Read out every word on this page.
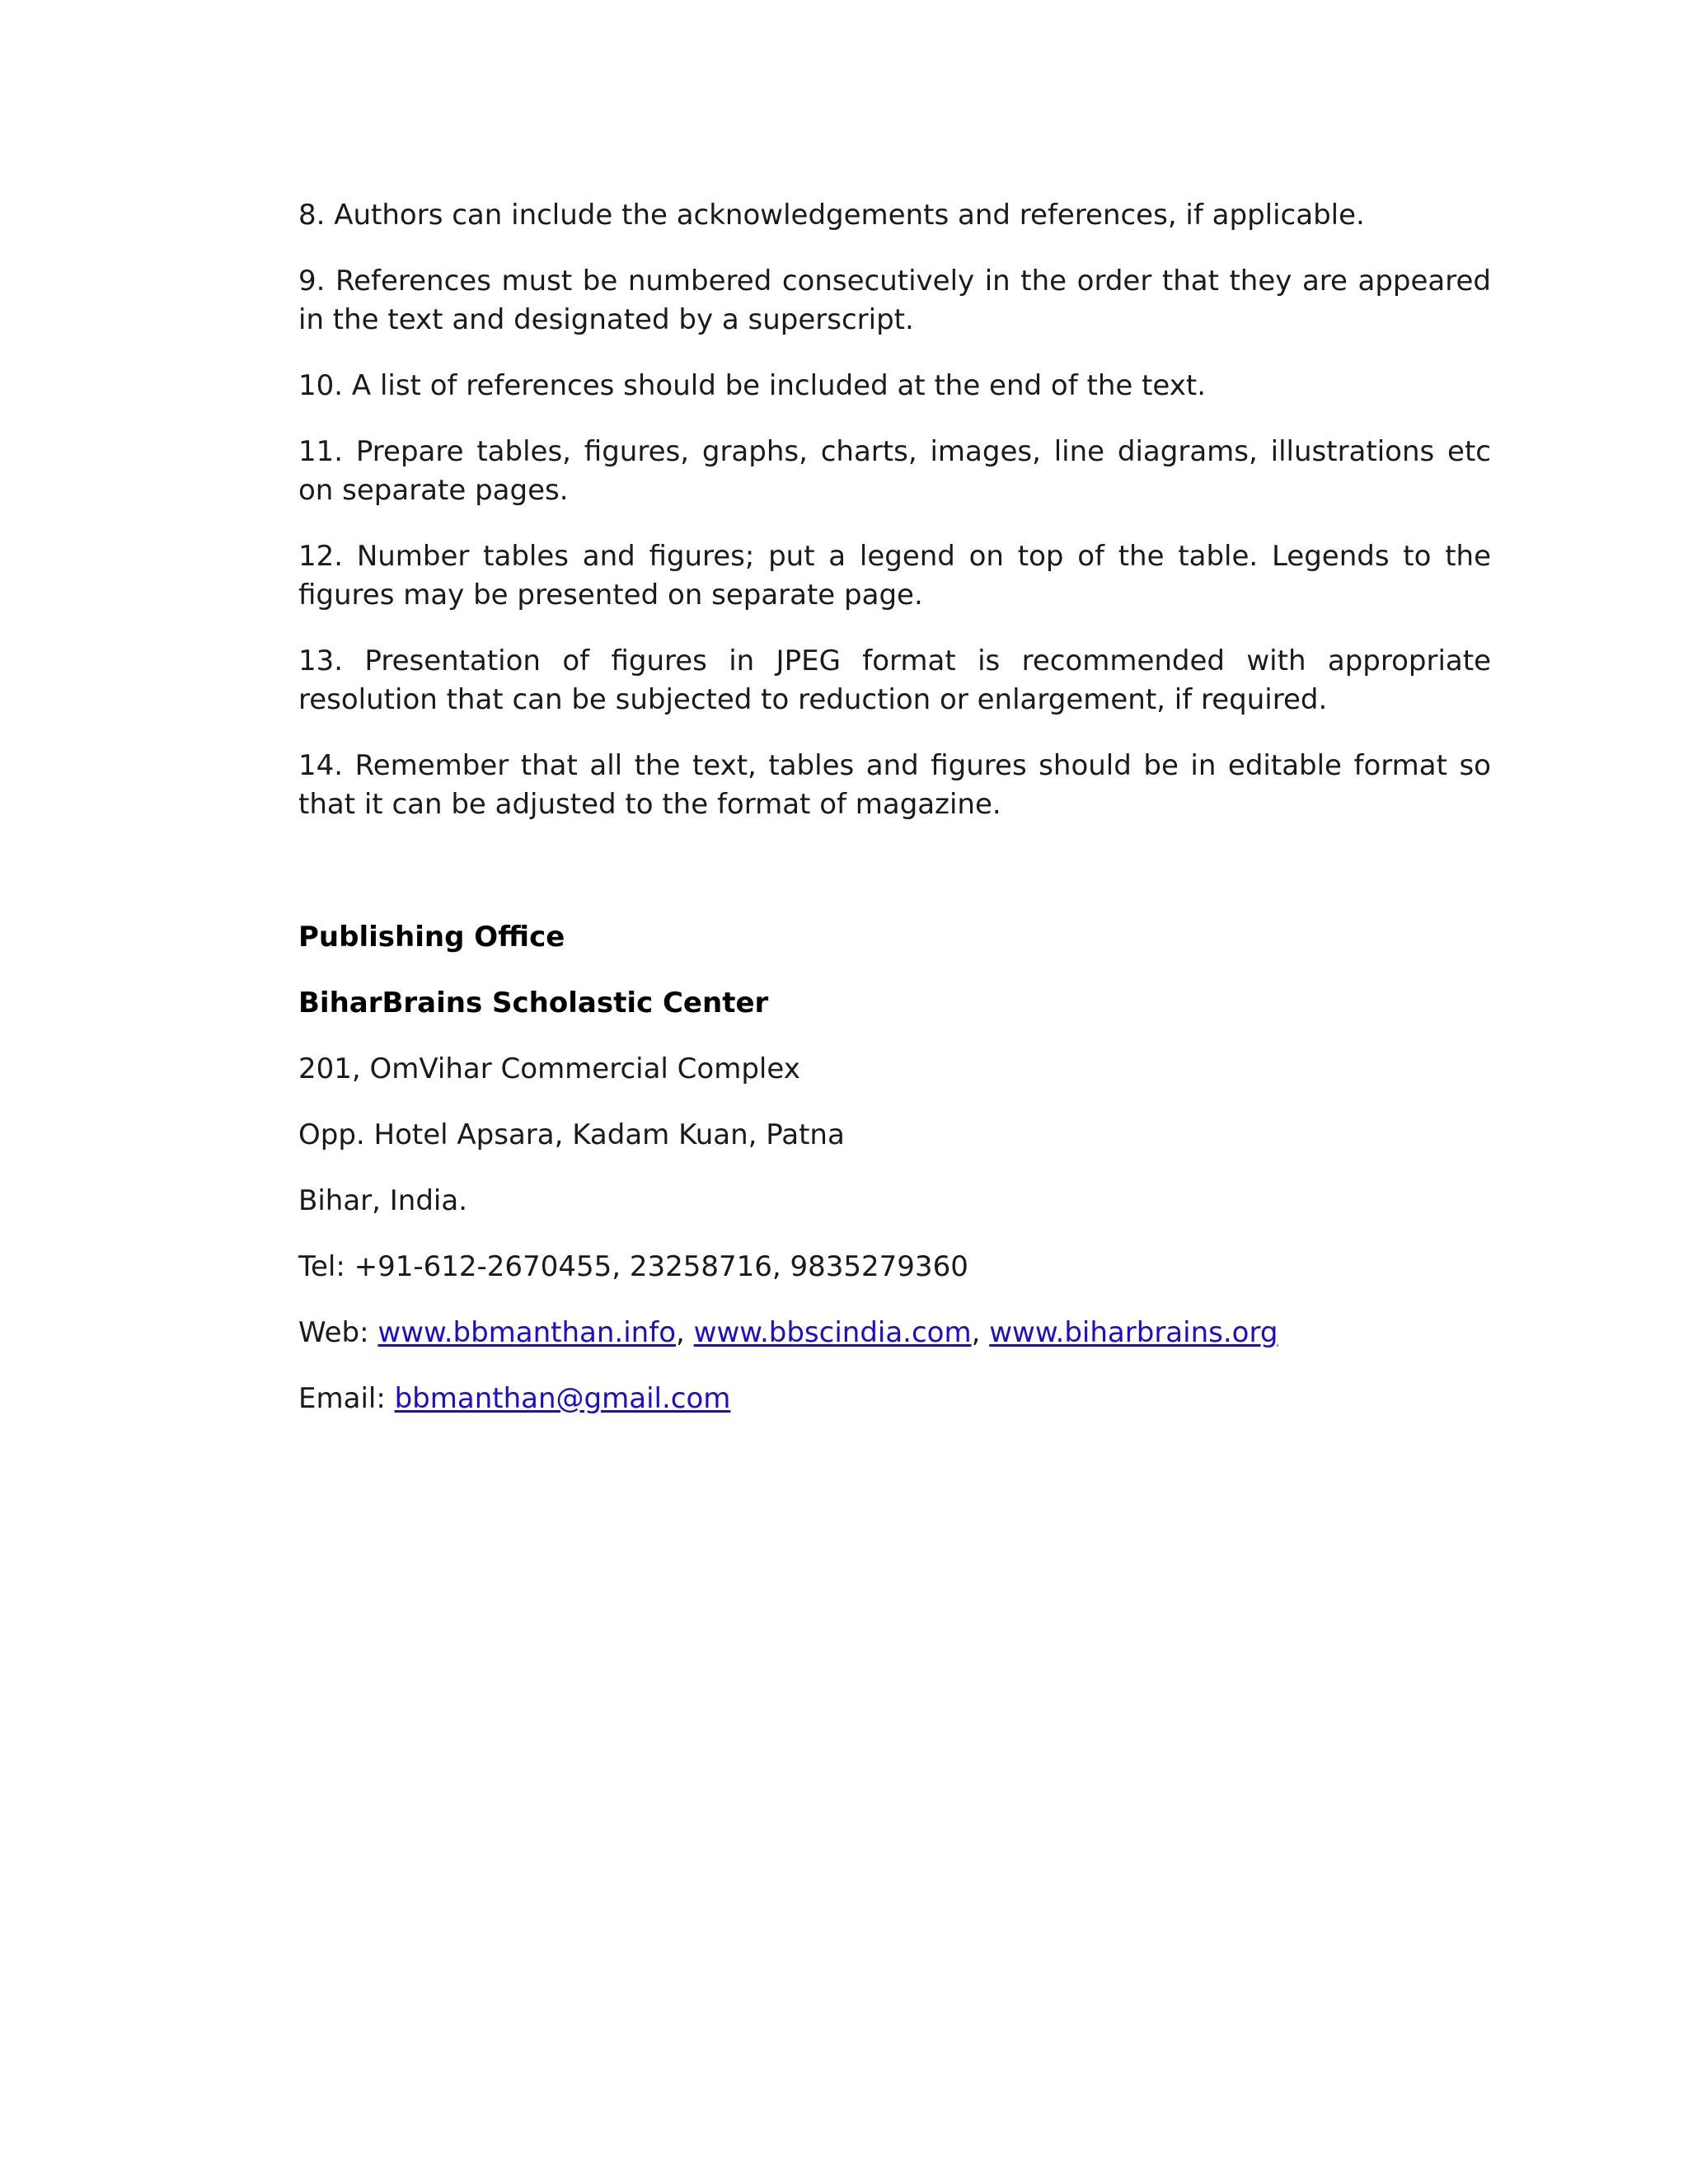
8. Authors can include the acknowledgements and references, if applicable.

9. References must be numbered consecutively in the order that they are appeared in the text and designated by a superscript.

10. A list of references should be included at the end of the text.

11. Prepare tables, figures, graphs, charts, images, line diagrams, illustrations etc on separate pages.

12. Number tables and figures; put a legend on top of the table. Legends to the figures may be presented on separate page.

13. Presentation of figures in JPEG format is recommended with appropriate resolution that can be subjected to reduction or enlargement, if required.

14. Remember that all the text, tables and figures should be in editable format so that it can be adjusted to the format of magazine.

Publishing Office

BiharBrains Scholastic Center

201, OmVihar Commercial Complex

Opp. Hotel Apsara, Kadam Kuan, Patna

Bihar, India.

Tel: +91-612-2670455, 23258716, 9835279360

Web: www.bbmanthan.info, www.bbscindia.com, www.biharbrains.org

Email: bbmanthan@gmail.com
